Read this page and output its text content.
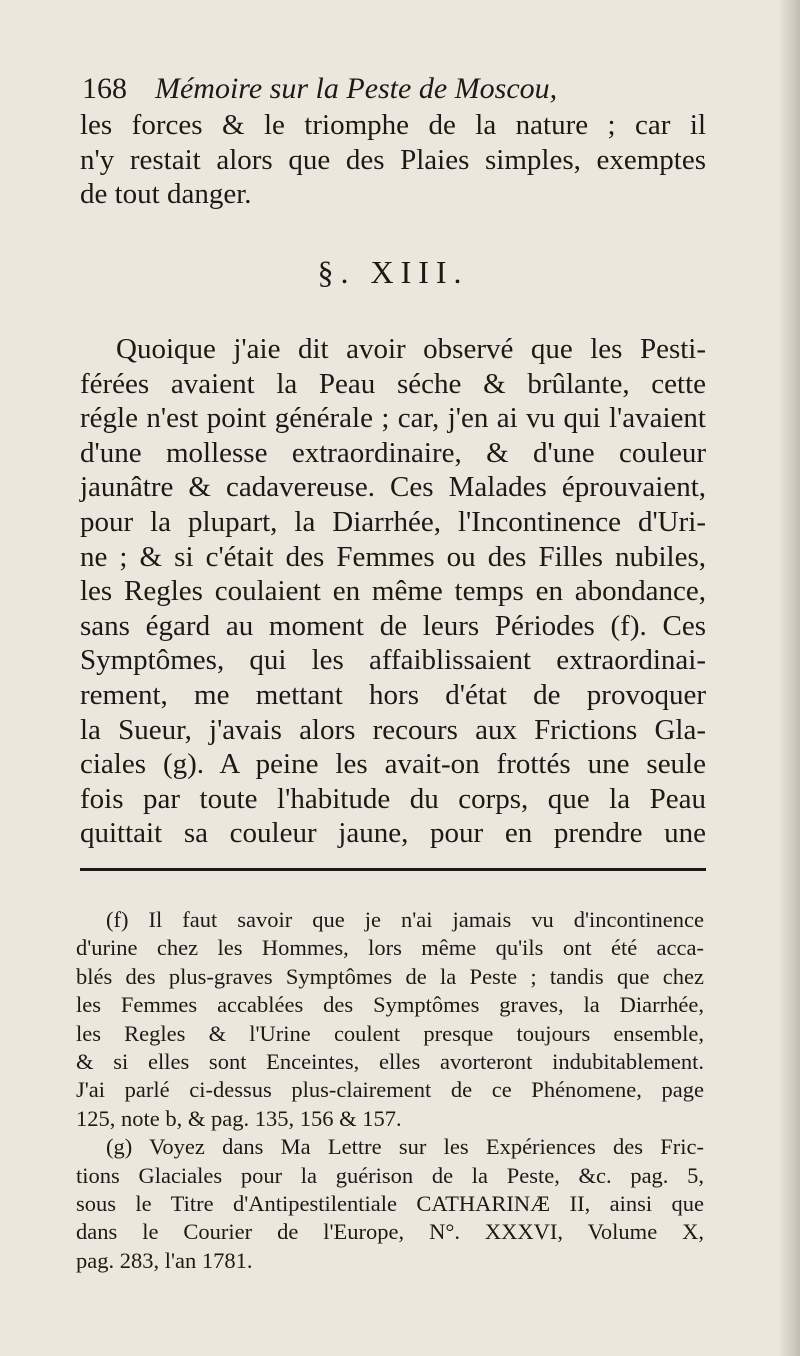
168 Mémoire sur la Peste de Moscou,
les forces & le triomphe de la nature ; car il
n'y restait alors que des Plaies simples, exemptes
de tout danger.
§. XIII.
Quoique j'aie dit avoir observé que les Pesti-
férées avaient la Peau séche & brûlante, cette
régle n'est point générale ; car, j'en ai vu qui l'avaient
d'une mollesse extraordinaire, & d'une couleur
jaunâtre & cadavereuse. Ces Malades éprouvaient,
pour la plupart, la Diarrhée, l'Incontinence d'Uri-
ne ; & si c'était des Femmes ou des Filles nubiles,
les Regles coulaient en même temps en abondance,
sans égard au moment de leurs Périodes (f). Ces
Symptômes, qui les affaiblissaient extraordinai-
rement, me mettant hors d'état de provoquer
la Sueur, j'avais alors recours aux Frictions Gla-
ciales (g). A peine les avait-on frottés une seule
fois par toute l'habitude du corps, que la Peau
quittait sa couleur jaune, pour en prendre une
(f) Il faut savoir que je n'ai jamais vu d'incontinence
d'urine chez les Hommes, lors même qu'ils ont été acca-
blés des plus-graves Symptômes de la Peste ; tandis que chez
les Femmes accablées des Symptômes graves, la Diarrhée,
les Regles & l'Urine coulent presque toujours ensemble,
& si elles sont Enceintes, elles avorteront indubitablement.
J'ai parlé ci-dessus plus-clairement de ce Phénomene, page
125, note b, & pag. 135, 156 & 157.
(g) Voyez dans Ma Lettre sur les Expériences des Fric-
tions Glaciales pour la guérison de la Peste, &c. pag. 5,
sous le Titre d'Antipestilentiale CATHARINÆ II, ainsi que
dans le Courier de l'Europe, N°. XXXVI, Volume X,
pag. 283, l'an 1781.
